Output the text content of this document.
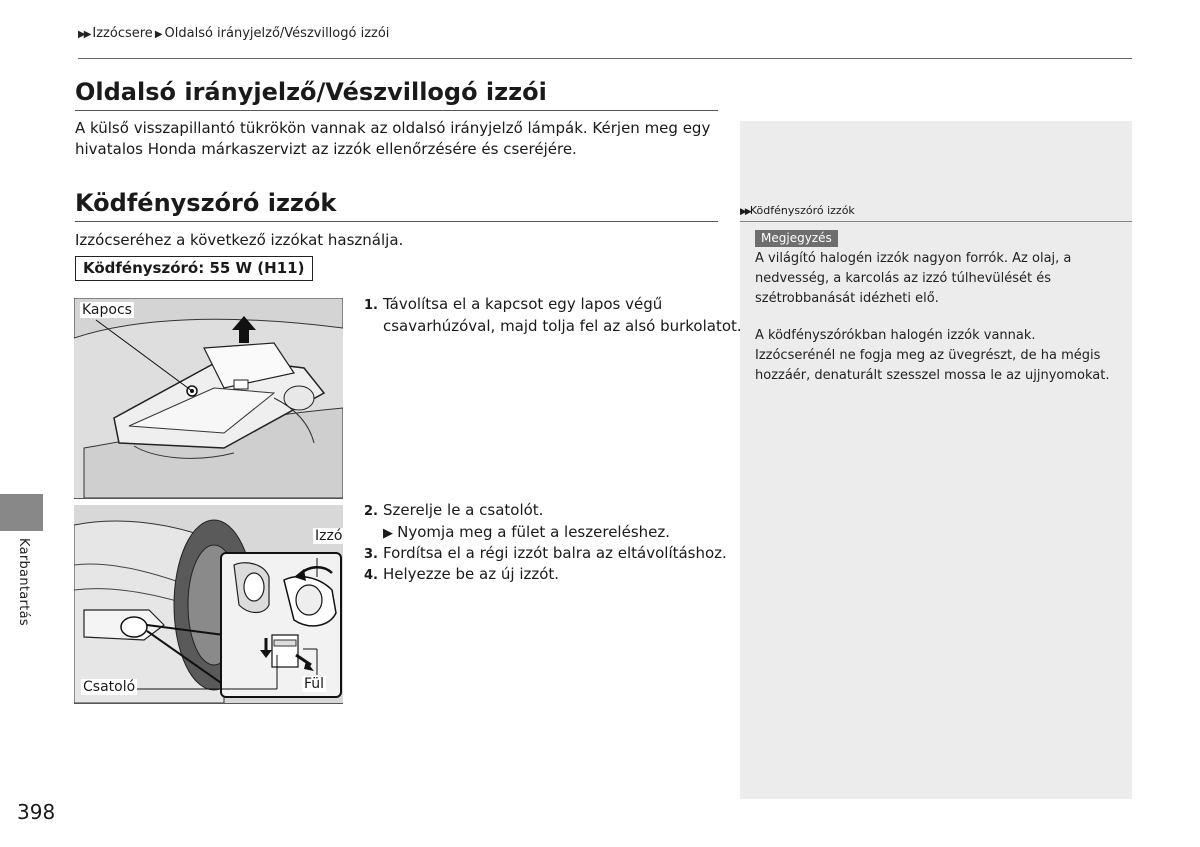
▶▶ Izzócsere ▶ Oldalsó irányjelző/Vészvillogó izzói
Oldalsó irányjelző/Vészvillogó izzói
A külső visszapillantó tükrökön vannak az oldalsó irányjelző lámpák. Kérjen meg egy
hivatalos Honda márkaszervizt az izzók ellenőrzésére és cseréjére.
▶▶Ködfényszóró izzók
Megjegyzés
A világító halogén izzók nagyon forrók. Az olaj, a
nedvesség, a karcolás az izzó túlhevülését és
szétrobbanását idézheti elő.
A ködfényszórókban halogén izzók vannak.
Izzócserénél ne fogja meg az üvegrészt, de ha mégis
hozzáér, denaturált szesszel mossa le az ujjnyomokat.
Ködfényszóró izzók
Izzócseréhez a következő izzókat használja.
Ködfényszóró: 55 W (H11)
Kapocs
Izzó
Csatoló	Fül
1. Távolítsa el a kapcsot egy lapos végű
csavarhúzóval, majd tolja fel az alsó burkolatot.
2. Szerelje le a csatolót.
▶ Nyomja meg a fület a leszereléshez.
3. Fordítsa el a régi izzót balra az eltávolításhoz.
4. Helyezze be az új izzót.
Karbantartás
398
